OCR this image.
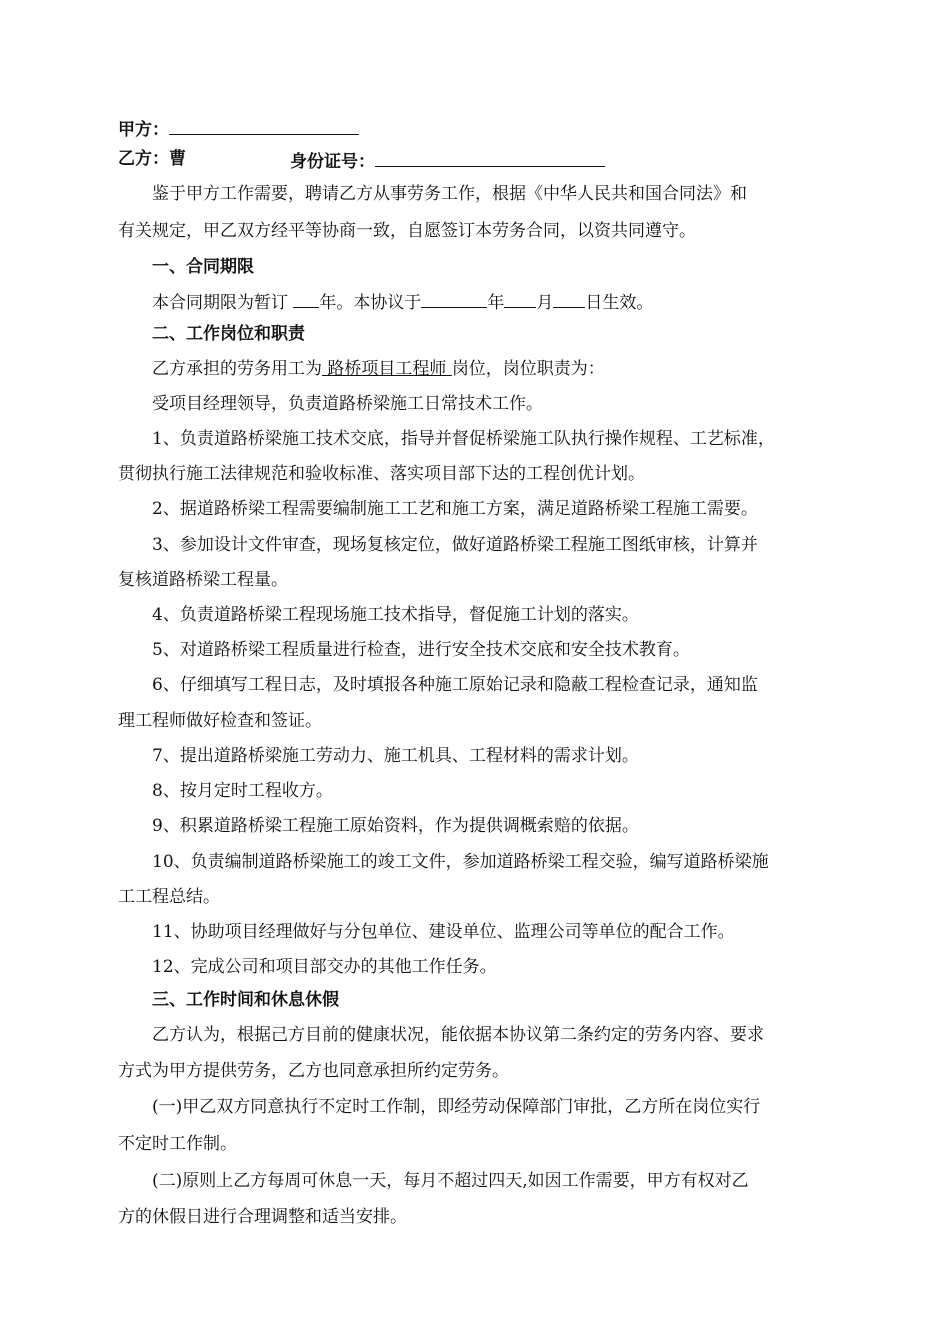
甲方：
乙方：曹	身份证号：
鉴于甲方工作需要，聘请乙方从事劳务工作，根据《中华人民共和国合同法》和
有关规定，甲乙双方经平等协商一致，自愿签订本劳务合同，以资共同遵守。
一、合同期限
本合同期限为暂订 年。本协议于	年 月 日生效。
二、工作岗位和职责
乙方承担的劳务用工为 路桥项目工程师 岗位，岗位职责为：
受项目经理领导，负责道路桥梁施工日常技术工作。
1、负责道路桥梁施工技术交底，指导并督促桥梁施工队执行操作规程、工艺标准，
贯彻执行施工法律规范和验收标准、落实项目部下达的工程创优计划。
2、据道路桥梁工程需要编制施工工艺和施工方案，满足道路桥梁工程施工需要。
3、参加设计文件审查，现场复核定位，做好道路桥梁工程施工图纸审核，计算并
复核道路桥梁工程量。
4、负责道路桥梁工程现场施工技术指导，督促施工计划的落实。
5、对道路桥梁工程质量进行检查，进行安全技术交底和安全技术教育。
6、仔细填写工程日志，及时填报各种施工原始记录和隐蔽工程检查记录，通知监
理工程师做好检查和签证。
7、提出道路桥梁施工劳动力、施工机具、工程材料的需求计划。
8、按月定时工程收方。
9、积累道路桥梁工程施工原始资料，作为提供调概索赔的依据。
10、负责编制道路桥梁施工的竣工文件，参加道路桥梁工程交验，编写道路桥梁施
工工程总结。
11、协助项目经理做好与分包单位、建设单位、监理公司等单位的配合工作。
12、完成公司和项目部交办的其他工作任务。
三、工作时间和休息休假
乙方认为，根据己方目前的健康状况，能依据本协议第二条约定的劳务内容、要求
方式为甲方提供劳务，乙方也同意承担所约定劳务。
(一)甲乙双方同意执行不定时工作制，即经劳动保障部门审批，乙方所在岗位实行
不定时工作制。
(二)原则上乙方每周可休息一天，每月不超过四天,如因工作需要，甲方有权对乙
方的休假日进行合理调整和适当安排。
